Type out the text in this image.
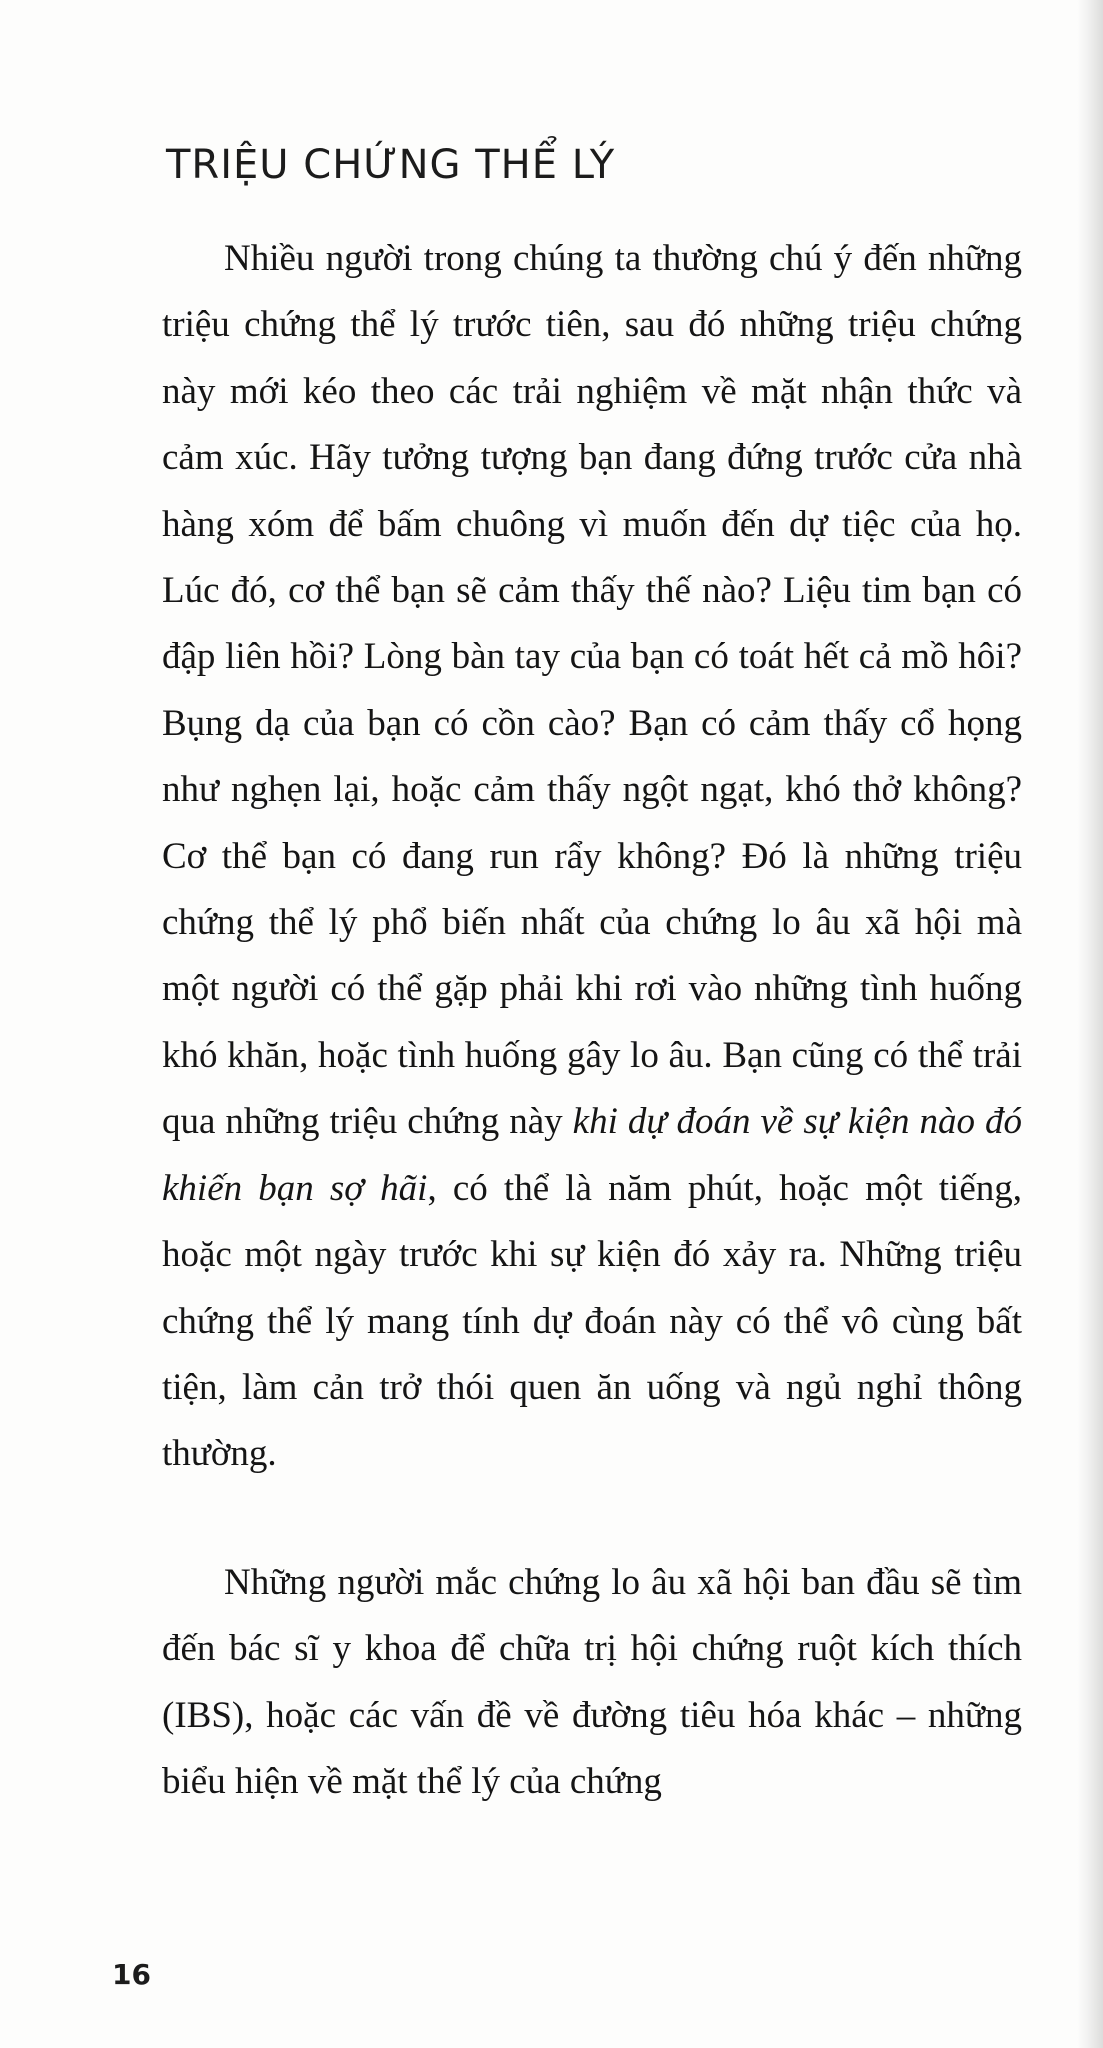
TRIỆU CHỨNG THỂ LÝ

Nhiều người trong chúng ta thường chú ý đến những triệu chứng thể lý trước tiên, sau đó những triệu chứng này mới kéo theo các trải nghiệm về mặt nhận thức và cảm xúc. Hãy tưởng tượng bạn đang đứng trước cửa nhà hàng xóm để bấm chuông vì muốn đến dự tiệc của họ. Lúc đó, cơ thể bạn sẽ cảm thấy thế nào? Liệu tim bạn có đập liên hồi? Lòng bàn tay của bạn có toát hết cả mồ hôi? Bụng dạ của bạn có cồn cào? Bạn có cảm thấy cổ họng như nghẹn lại, hoặc cảm thấy ngột ngạt, khó thở không? Cơ thể bạn có đang run rẩy không? Đó là những triệu chứng thể lý phổ biến nhất của chứng lo âu xã hội mà một người có thể gặp phải khi rơi vào những tình huống khó khăn, hoặc tình huống gây lo âu. Bạn cũng có thể trải qua những triệu chứng này khi dự đoán về sự kiện nào đó khiến bạn sợ hãi, có thể là năm phút, hoặc một tiếng, hoặc một ngày trước khi sự kiện đó xảy ra. Những triệu chứng thể lý mang tính dự đoán này có thể vô cùng bất tiện, làm cản trở thói quen ăn uống và ngủ nghỉ thông thường.

Những người mắc chứng lo âu xã hội ban đầu sẽ tìm đến bác sĩ y khoa để chữa trị hội chứng ruột kích thích (IBS), hoặc các vấn đề về đường tiêu hóa khác – những biểu hiện về mặt thể lý của chứng

16
